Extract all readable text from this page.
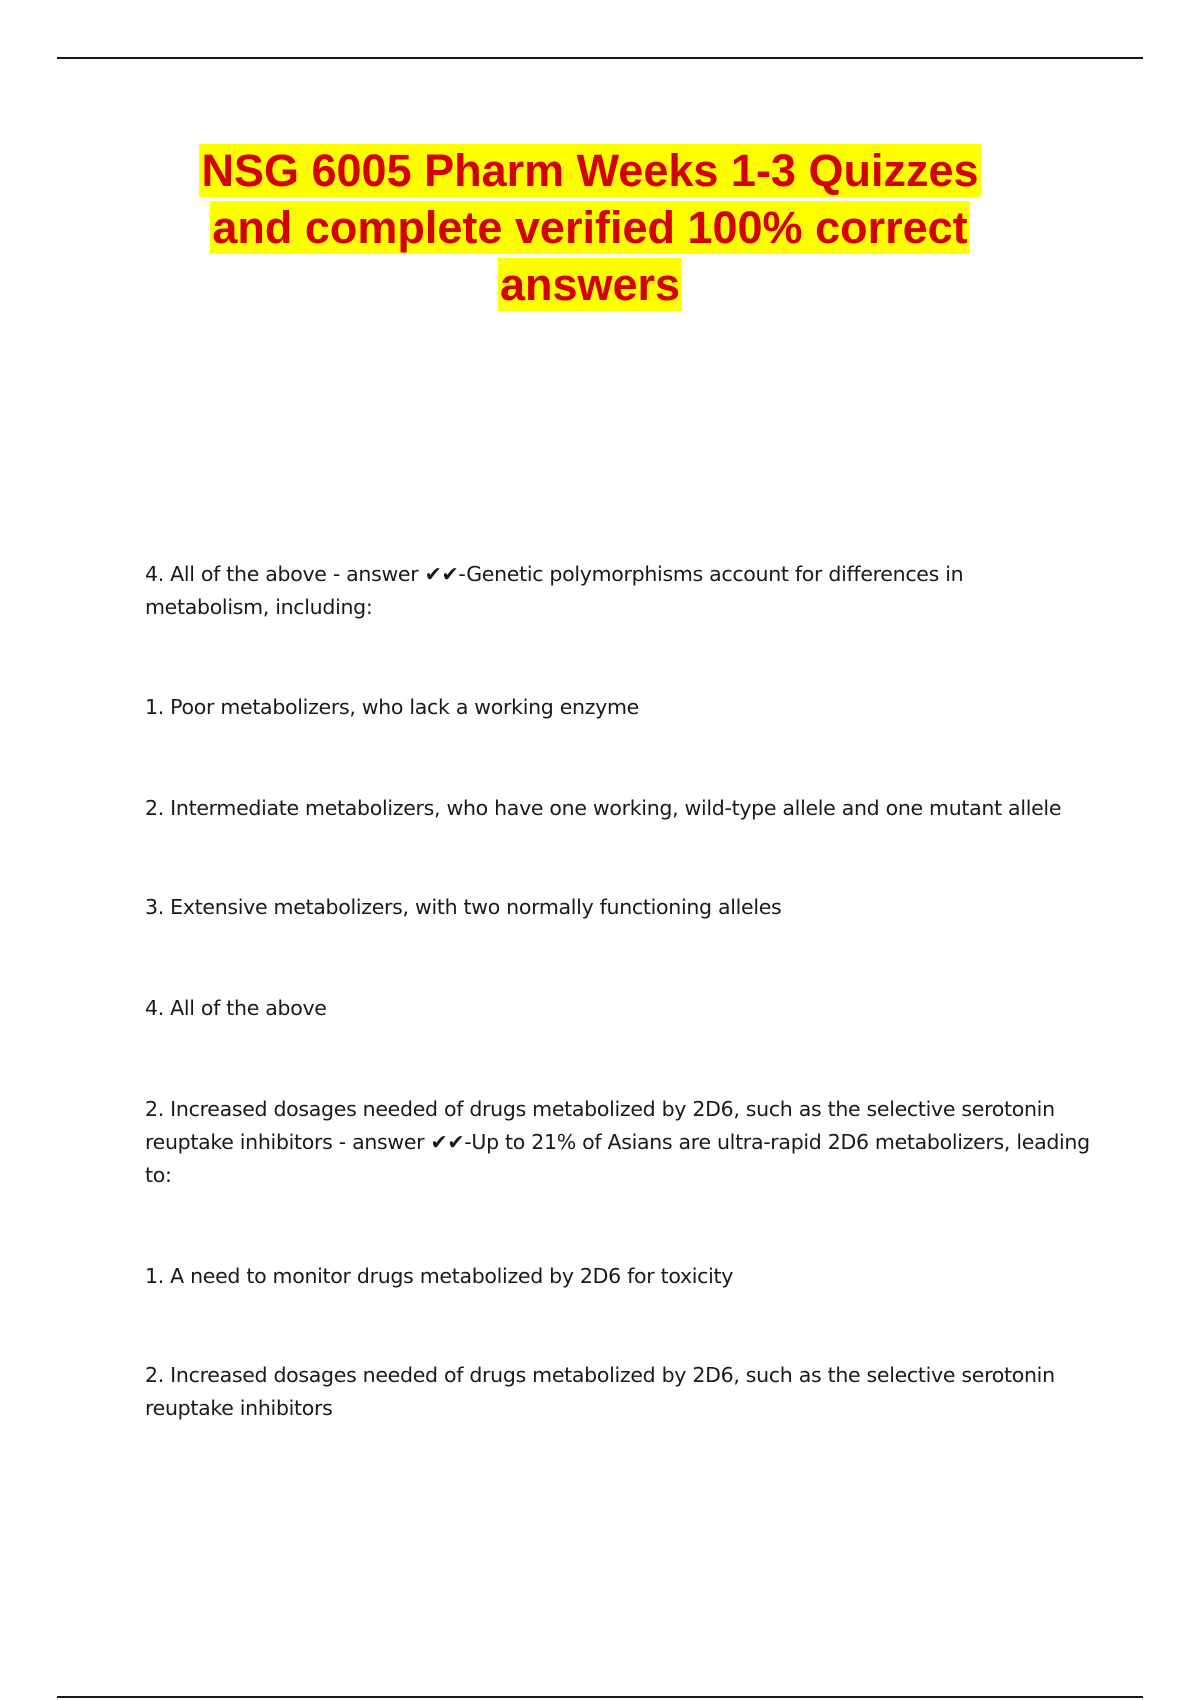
NSG 6005 Pharm Weeks 1-3 Quizzes
and complete verified 100% correct
answers

4. All of the above - answer ✔✔-Genetic polymorphisms account for differences in metabolism, including:

1. Poor metabolizers, who lack a working enzyme

2. Intermediate metabolizers, who have one working, wild-type allele and one mutant allele

3. Extensive metabolizers, with two normally functioning alleles

4. All of the above

2. Increased dosages needed of drugs metabolized by 2D6, such as the selective serotonin reuptake inhibitors - answer ✔✔-Up to 21% of Asians are ultra-rapid 2D6 metabolizers, leading to:

1. A need to monitor drugs metabolized by 2D6 for toxicity

2. Increased dosages needed of drugs metabolized by 2D6, such as the selective serotonin reuptake inhibitors
